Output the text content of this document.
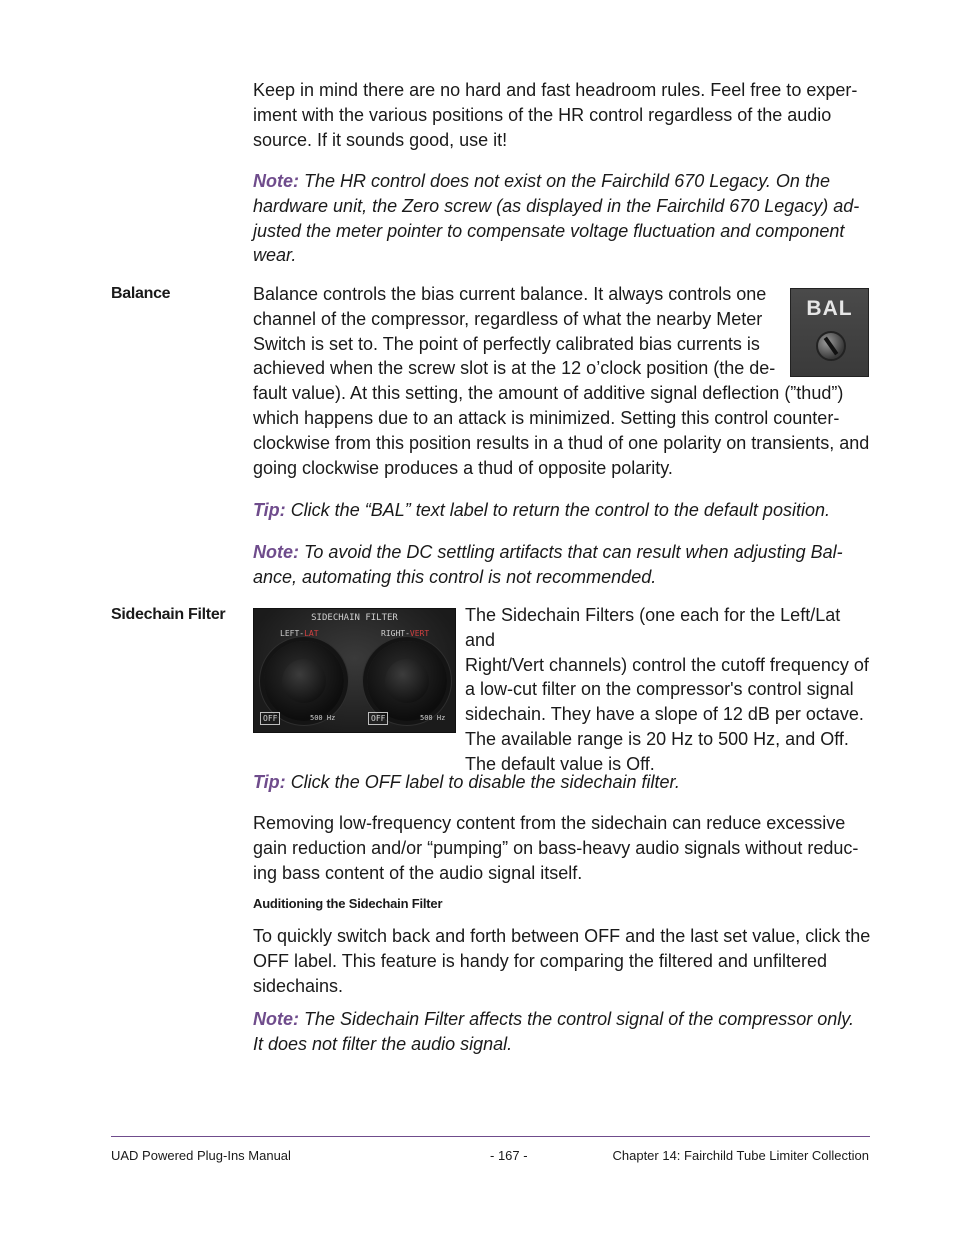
Keep in mind there are no hard and fast headroom rules. Feel free to exper-
iment with the various positions of the HR control regardless of the audio
source. If it sounds good, use it!

Note: The HR control does not exist on the Fairchild 670 Legacy. On the
hardware unit, the Zero screw (as displayed in the Fairchild 670 Legacy) ad-
justed the meter pointer to compensate voltage fluctuation and component
wear.

Balance
BAL

Balance controls the bias current balance. It always controls one
channel of the compressor, regardless of what the nearby Meter
Switch is set to. The point of perfectly calibrated bias currents is
achieved when the screw slot is at the 12 o’clock position (the de-
fault value). At this setting, the amount of additive signal deflection (”thud”)
which happens due to an attack is minimized. Setting this control counter-
clockwise from this position results in a thud of one polarity on transients, and
going clockwise produces a thud of opposite polarity.

Tip: Click the “BAL” text label to return the control to the default position.

Note: To avoid the DC settling artifacts that can result when adjusting Bal-
ance, automating this control is not recommended.

Sidechain Filter	SIDECHAIN FILTER
LEFT-LAT	RIGHT-VERT
OFF	500 Hz	OFF	500 Hz

The Sidechain Filters (one each for the Left/Lat and
Right/Vert channels) control the cutoff frequency of
a low-cut filter on the compressor's control signal
sidechain. They have a slope of 12 dB per octave.
The available range is 20 Hz to 500 Hz, and Off.
The default value is Off.

Tip: Click the OFF label to disable the sidechain filter.

Removing low-frequency content from the sidechain can reduce excessive
gain reduction and/or “pumping” on bass-heavy audio signals without reduc-
ing bass content of the audio signal itself.

Auditioning the Sidechain Filter

To quickly switch back and forth between OFF and the last set value, click the
OFF label. This feature is handy for comparing the filtered and unfiltered
sidechains.

Note: The Sidechain Filter affects the control signal of the compressor only.
It does not filter the audio signal.

UAD Powered Plug-Ins Manual	- 167 -	Chapter 14: Fairchild Tube Limiter Collection
